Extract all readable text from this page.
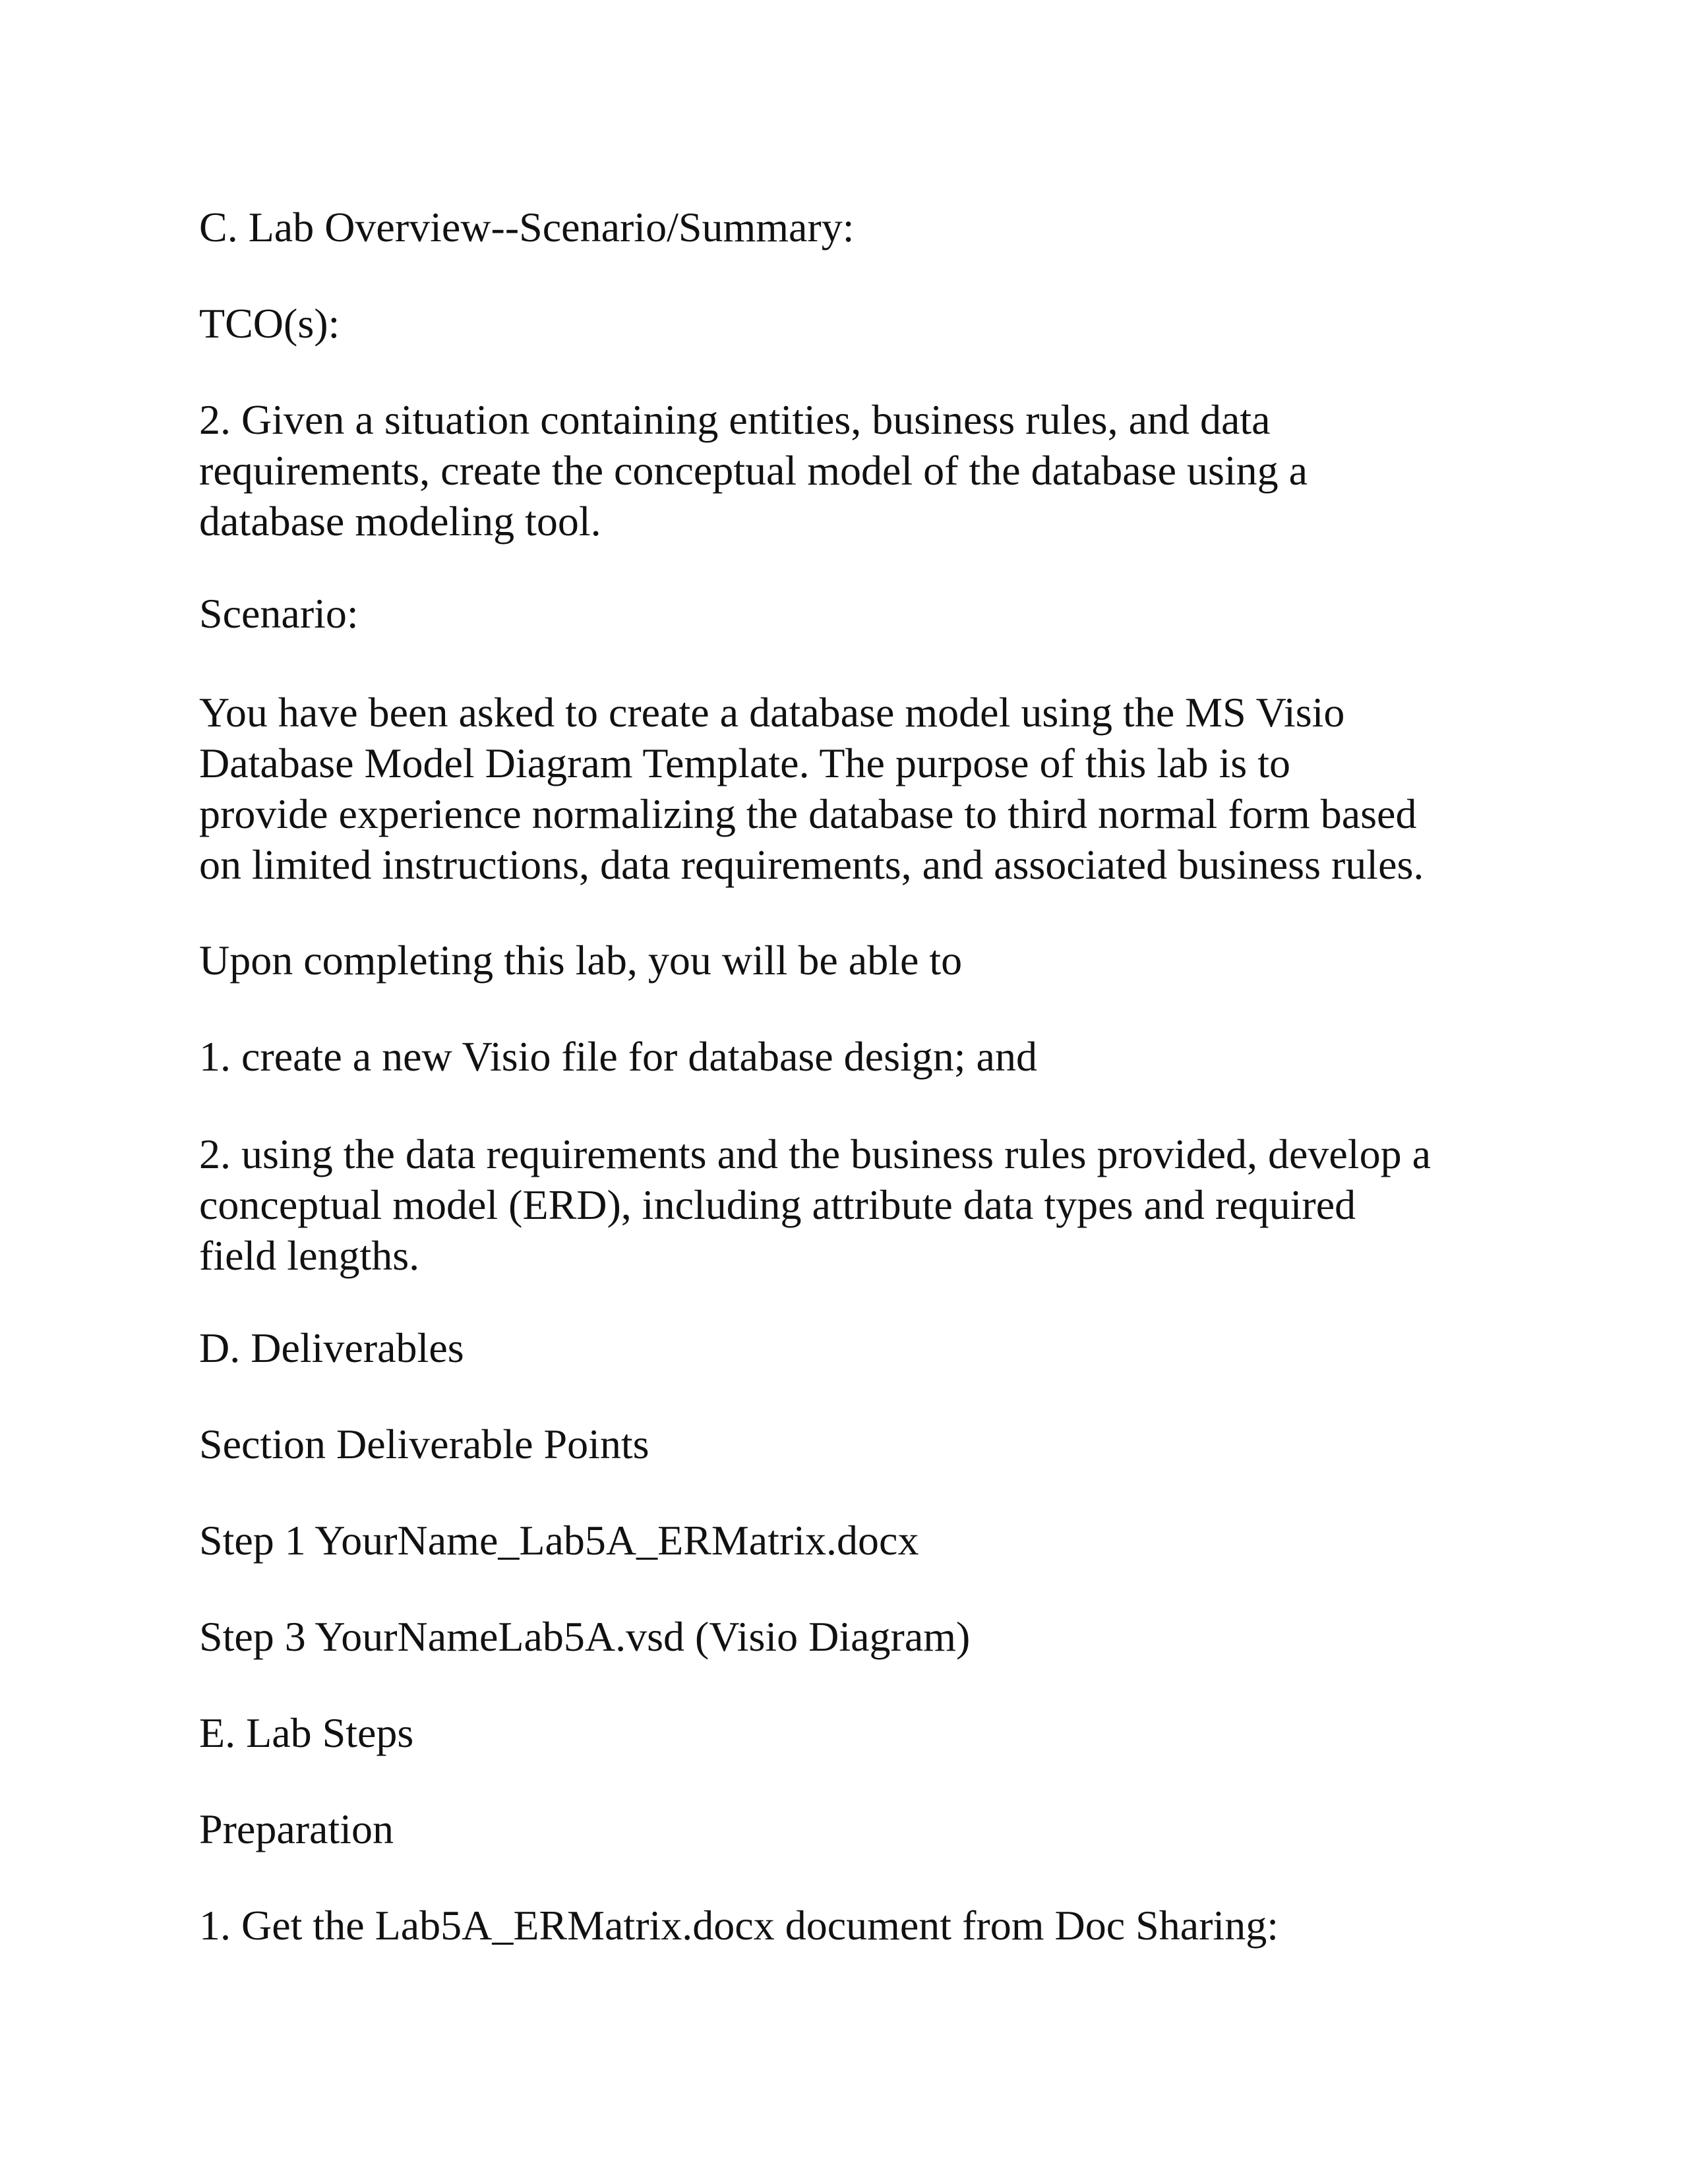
C. Lab Overview--Scenario/Summary:

TCO(s):

2. Given a situation containing entities, business rules, and data
requirements, create the conceptual model of the database using a
database modeling tool.

Scenario:

You have been asked to create a database model using the MS Visio
Database Model Diagram Template. The purpose of this lab is to
provide experience normalizing the database to third normal form based
on limited instructions, data requirements, and associated business rules.

Upon completing this lab, you will be able to

1. create a new Visio file for database design; and

2. using the data requirements and the business rules provided, develop a
conceptual model (ERD), including attribute data types and required
field lengths.

D. Deliverables

Section Deliverable Points

Step 1 YourName_Lab5A_ERMatrix.docx

Step 3 YourNameLab5A.vsd (Visio Diagram)

E. Lab Steps

Preparation

1. Get the Lab5A_ERMatrix.docx document from Doc Sharing:
